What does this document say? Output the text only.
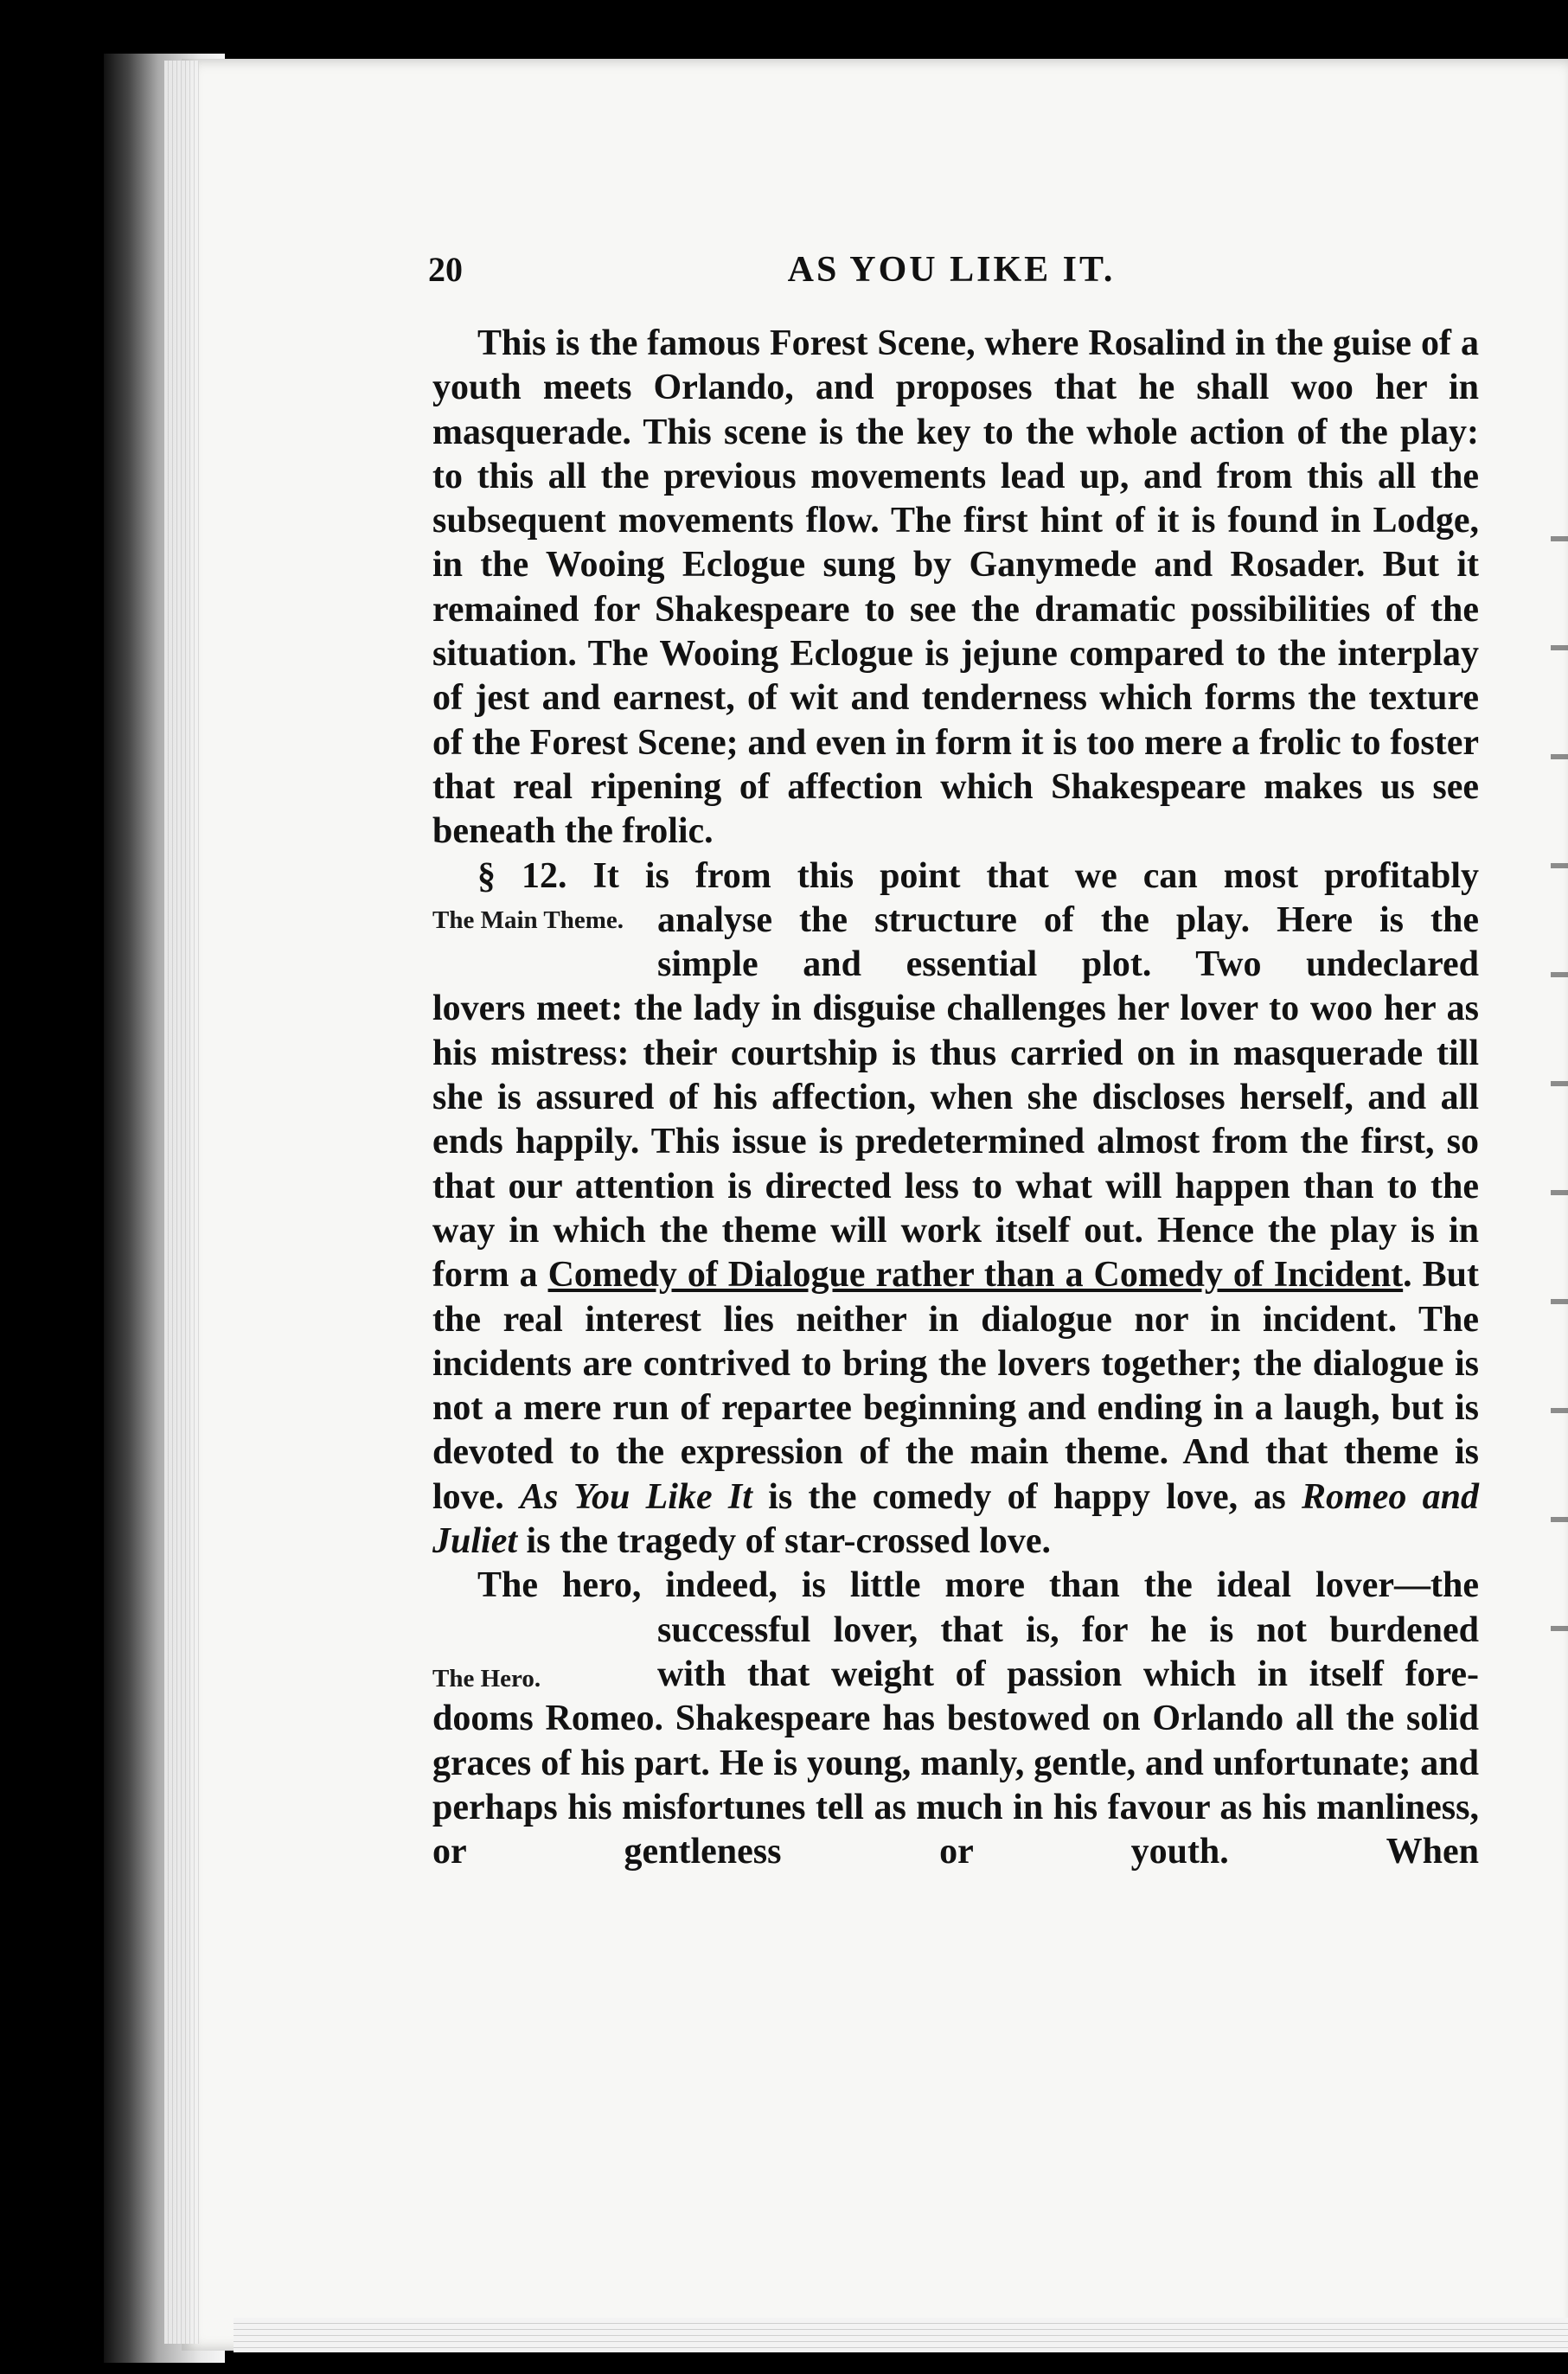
20	AS YOU LIKE IT.

This is the famous Forest Scene, where Rosalind in the guise of a youth meets Orlando, and proposes that he shall woo her in masquerade. This scene is the key to the whole action of the play: to this all the previous movements lead up, and from this all the subsequent movements flow. The first hint of it is found in Lodge, in the Wooing Eclogue sung by Ganymede and Rosader. But it remained for Shakespeare to see the dramatic possibilities of the situation. The Wooing Eclogue is jejune compared to the interplay of jest and earnest, of wit and tenderness which forms the texture of the Forest Scene; and even in form it is too mere a frolic to foster that real ripening of affection which Shakespeare makes us see beneath the frolic.

§ 12. It is from this point that we can most profitably

The Main Theme. analyse the structure of the play. Here is the
simple and essential plot. Two undeclared

lovers meet: the lady in disguise challenges her lover to woo her as his mistress: their courtship is thus carried on in masquerade till she is assured of his affection, when she discloses herself, and all ends happily. This issue is predetermined almost from the first, so that our attention is directed less to what will happen than to the way in which the theme will work itself out. Hence the play is in form a Comedy of Dialogue rather than a Comedy of Incident. But the real interest lies neither in dialogue nor in incident. The incidents are contrived to bring the lovers together; the dialogue is not a mere run of repartee beginning and ending in a laugh, but is devoted to the expression of the main theme. And that theme is love. As You Like It is the comedy of happy love, as Romeo and Juliet is the tragedy of star-crossed love.

The hero, indeed, is little more than the ideal lover—the

The Hero.
successful lover, that is, for he is not burdened
with that weight of passion which in itself fore-

dooms Romeo. Shakespeare has bestowed on Orlando all the solid graces of his part. He is young, manly, gentle, and unfortunate; and perhaps his misfortunes tell as much in his favour as his manliness, or gentleness or youth. When
